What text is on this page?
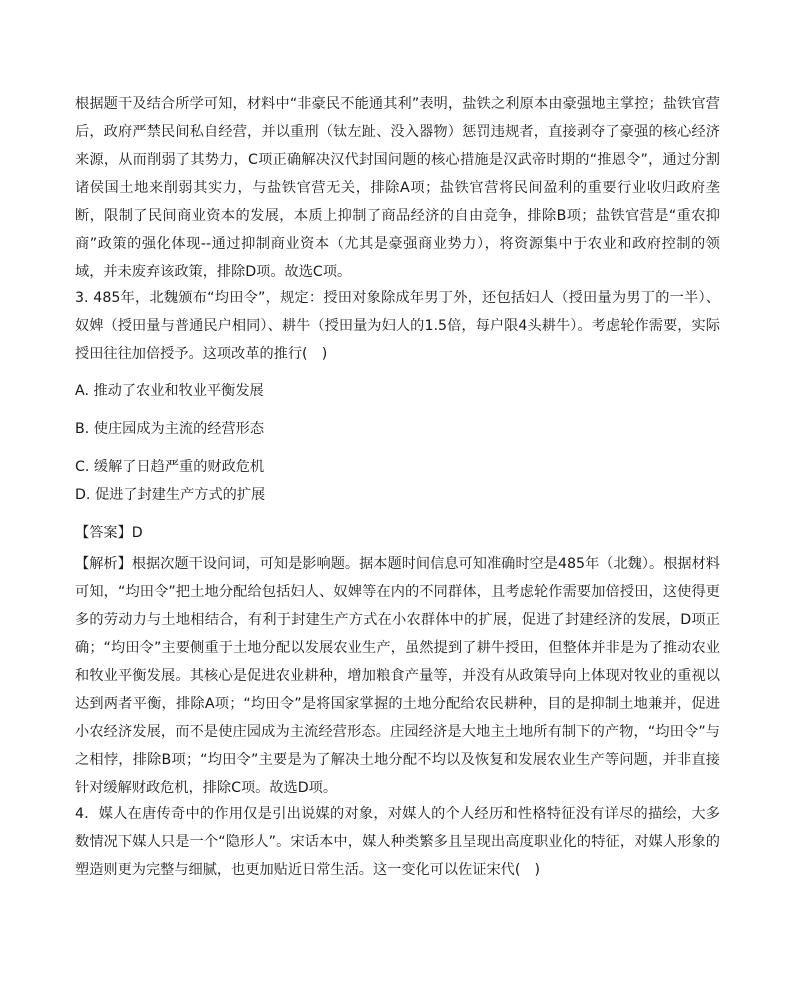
根据题干及结合所学可知，材料中“非豪民不能通其利”表明，盐铁之利原本由豪强地主掌控；盐铁官营后，政府严禁民间私自经营，并以重刑（钛左趾、没入器物）惩罚违规者，直接剥夺了豪强的核心经济来源，从而削弱了其势力，C项正确解决汉代封国问题的核心措施是汉武帝时期的“推恩令”，通过分割诸侯国土地来削弱其实力，与盐铁官营无关，排除A项；盐铁官营将民间盈利的重要行业收归政府垄断，限制了民间商业资本的发展，本质上抑制了商品经济的自由竞争，排除B项；盐铁官营是“重农抑商”政策的强化体现--通过抑制商业资本（尤其是豪强商业势力），将资源集中于农业和政府控制的领域，并未废弃该政策，排除D项。故选C项。

3. 485年，北魏颁布“均田令”，规定：授田对象除成年男丁外，还包括妇人（授田量为男丁的一半）、奴婢（授田量与普通民户相同）、耕牛（授田量为妇人的1.5倍，每户限4头耕牛）。考虑轮作需要，实际授田往往加倍授予。这项改革的推行(　)

A. 推动了农业和牧业平衡发展
B. 使庄园成为主流的经营形态
C. 缓解了日趋严重的财政危机
D. 促进了封建生产方式的扩展
【答案】D

【解析】根据次题干设问词，可知是影响题。据本题时间信息可知准确时空是485年（北魏）。根据材料可知，“均田令”把土地分配给包括妇人、奴婢等在内的不同群体，且考虑轮作需要加倍授田，这使得更多的劳动力与土地相结合，有利于封建生产方式在小农群体中的扩展，促进了封建经济的发展，D项正确；“均田令”主要侧重于土地分配以发展农业生产，虽然提到了耕牛授田，但整体并非是为了推动农业和牧业平衡发展。其核心是促进农业耕种，增加粮食产量等，并没有从政策导向上体现对牧业的重视以达到两者平衡，排除A项；“均田令”是将国家掌握的土地分配给农民耕种，目的是抑制土地兼并，促进小农经济发展，而不是使庄园成为主流经营形态。庄园经济是大地主土地所有制下的产物，“均田令”与之相悖，排除B项；“均田令”主要是为了解决土地分配不均以及恢复和发展农业生产等问题，并非直接针对缓解财政危机，排除C项。故选D项。

4．媒人在唐传奇中的作用仅是引出说媒的对象，对媒人的个人经历和性格特征没有详尽的描绘，大多数情况下媒人只是一个“隐形人”。宋话本中，媒人种类繁多且呈现出高度职业化的特征，对媒人形象的塑造则更为完整与细腻，也更加贴近日常生活。这一变化可以佐证宋代(　)
